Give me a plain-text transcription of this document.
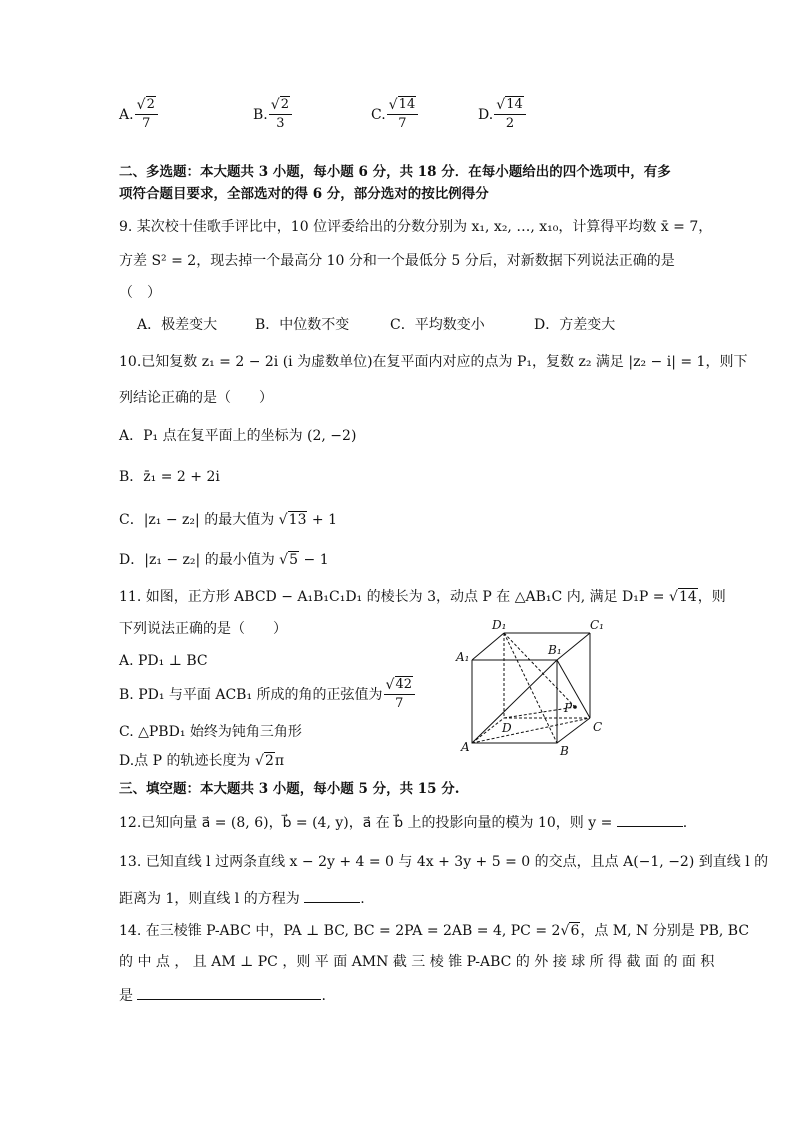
A. √ $\frac{2}{7}$	B. √ $\frac{2}{3}$	C. √ $\frac{14}{7}$	D. √ $\frac{14}{2}$
二、多选题：本大题共 3 小题，每小题 6 分，共 18 分．在每小题给出的四个选项中，有多
项符合题目要求，全部选对的得 6 分，部分选对的按比例得分
9. 某次校十佳歌手评比中，10 位评委给出的分数分别为 x₁, x₂, …, x₁₀，计算得平均数 x̄ = 7，
方差 S² = 2，现去掉一个最高分 10 分和一个最低分 5 分后，对新数据下列说法正确的是
（　）
A．极差变大	B．中位数不变	C．平均数变小	D．方差变大
10.已知复数 z₁ = 2 − 2i (i 为虚数单位)在复平面内对应的点为 P₁，复数 z₂ 满足 |z₂ − i| = 1，则下
列结论正确的是（　　）
A．P₁ 点在复平面上的坐标为 (2, −2)
B．z̄₁ = 2 + 2i
C．|z₁ − z₂| 的最大值为 √ 13 + 1
D．|z₁ − z₂| 的最小值为 √ 5 − 1
11. 如图，正方形 ABCD − A₁B₁C₁D₁ 的棱长为 3，动点 P 在 △AB₁C 内, 满足 D₁P = √ 14，则
下列说法正确的是（　　）
A. PD₁ ⊥ BC
B. PD₁ 与平面 ACB₁ 所成的角的正弦值为 √ $\frac{42}{7}$
C. △PBD₁ 始终为钝角三角形
D.点 P 的轨迹长度为 √ 2π
D₁	C₁
A₁	B₁
P
D	C
A	B
三、填空题：本大题共 3 小题，每小题 5 分，共 15 分.
12.已知向量 a⃗ = (8, 6)，b⃗ = (4, y)，a⃗ 在 b⃗ 上的投影向量的模为 10，则 y =	.
13. 已知直线 l 过两条直线 x − 2y + 4 = 0 与 4x + 3y + 5 = 0 的交点，且点 A(−1, −2) 到直线 l 的
距离为 1，则直线 l 的方程为	.
14. 在三棱锥 P-ABC 中，PA ⊥ BC, BC = 2PA = 2AB = 4, PC = 2 √ 6，点 M, N 分别是 PB, BC
的 中 点 ， 且 AM ⊥ PC ，则 平 面 AMN 截 三 棱 锥 P-ABC 的 外 接 球 所 得 截 面 的 面 积
是	.
